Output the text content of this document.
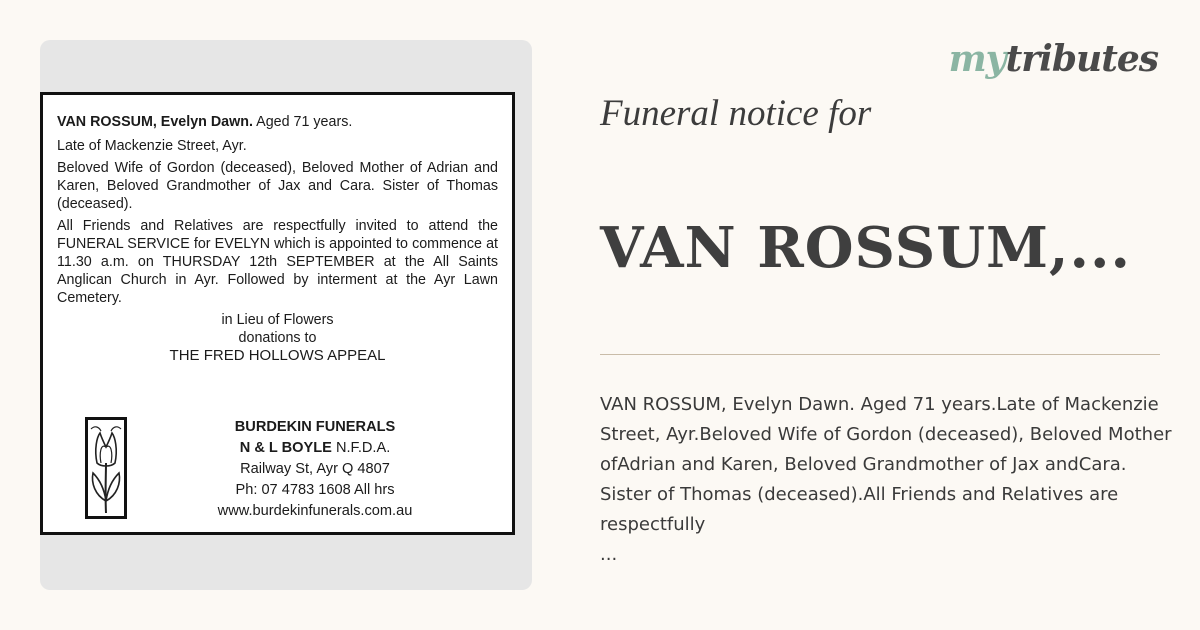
VAN ROSSUM, Evelyn Dawn. Aged 71 years.

Late of Mackenzie Street, Ayr.

Beloved Wife of Gordon (deceased), Beloved Mother of Adrian and Karen, Beloved Grandmother of Jax and Cara. Sister of Thomas (deceased).

All Friends and Relatives are respectfully invited to attend the FUNERAL SERVICE for EVELYN which is appointed to commence at 11.30 a.m. on THURSDAY 12th SEPTEMBER at the All Saints Anglican Church in Ayr. Followed by interment at the Ayr Lawn Cemetery.

in Lieu of Flowers
donations to
THE FRED HOLLOWS APPEAL
BURDEKIN FUNERALS
N & L BOYLE N.F.D.A.
Railway St, Ayr Q 4807
Ph: 07 4783 1608 All hrs
www.burdekinfunerals.com.au
mytributes
Funeral notice for
VAN ROSSUM,...
VAN ROSSUM, Evelyn Dawn. Aged 71 years.Late of Mackenzie Street, Ayr.Beloved Wife of Gordon (deceased), Beloved Mother ofAdrian and Karen, Beloved Grandmother of Jax andCara. Sister of Thomas (deceased).All Friends and Relatives are respectfully
...
